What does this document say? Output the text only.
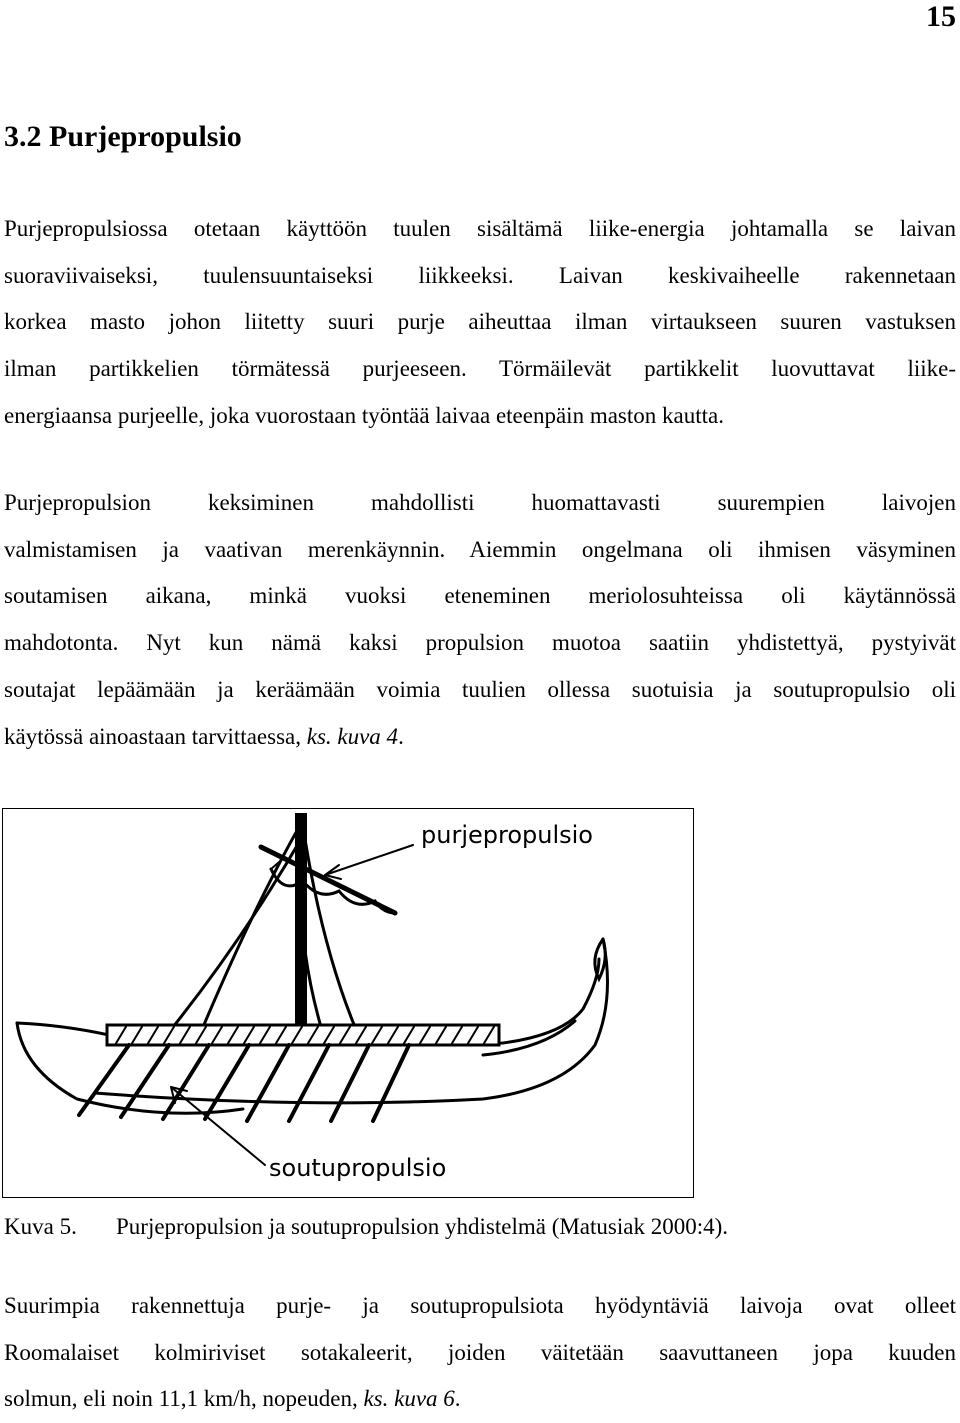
15
3.2 Purjepropulsio

Purjepropulsiossa otetaan käyttöön tuulen sisältämä liike-energia johtamalla se laivan
suoraviivaiseksi, tuulensuuntaiseksi liikkeeksi. Laivan keskivaiheelle rakennetaan
korkea masto johon liitetty suuri purje aiheuttaa ilman virtaukseen suuren vastuksen
ilman partikkelien törmätessä purjeeseen. Törmäilevät partikkelit luovuttavat liike-
energiaansa purjeelle, joka vuorostaan työntää laivaa eteenpäin maston kautta.

Purjepropulsion keksiminen mahdollisti huomattavasti suurempien laivojen
valmistamisen ja vaativan merenkäynnin. Aiemmin ongelmana oli ihmisen väsyminen
soutamisen aikana, minkä vuoksi eteneminen meriolosuhteissa oli käytännössä
mahdotonta. Nyt kun nämä kaksi propulsion muotoa saatiin yhdistettyä, pystyivät
soutajat lepäämään ja keräämään voimia tuulien ollessa suotuisia ja soutupropulsio oli
käytössä ainoastaan tarvittaessa, ks. kuva 4.

purjepropulsio
soutupropulsio
Kuva 5. Purjepropulsion ja soutupropulsion yhdistelmä (Matusiak 2000:4).

Suurimpia rakennettuja purje- ja soutupropulsiota hyödyntäviä laivoja ovat olleet
Roomalaiset kolmiriviset sotakaleerit, joiden väitetään saavuttaneen jopa kuuden
solmun, eli noin 11,1 km/h, nopeuden, ks. kuva 6.
